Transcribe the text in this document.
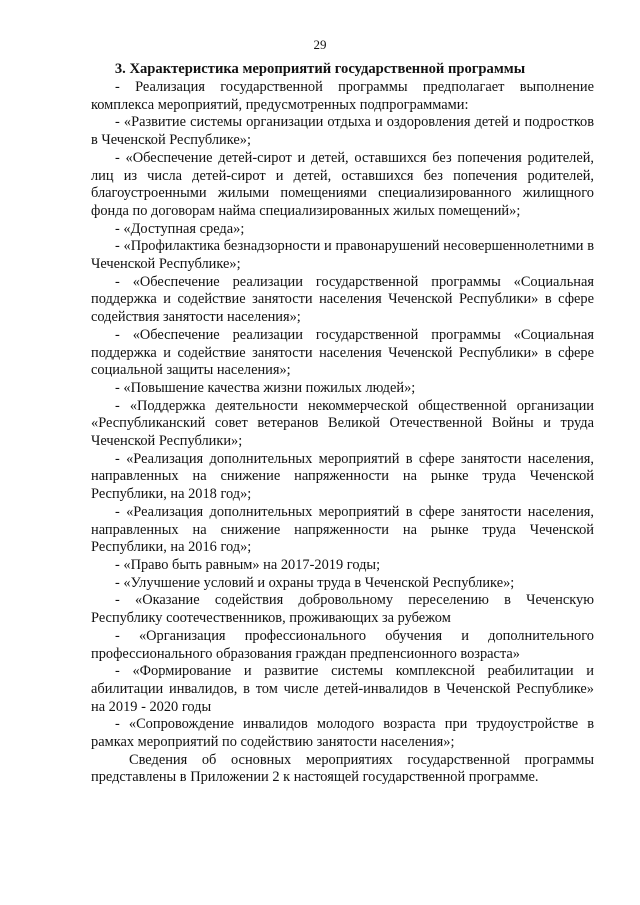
29
3. Характеристика мероприятий государственной программы

- Реализация государственной программы предполагает выполнение комплекса мероприятий, предусмотренных подпрограммами:

- «Развитие системы организации отдыха и оздоровления детей и подростков в Чеченской Республике»;

- «Обеспечение детей-сирот и детей, оставшихся без попечения родителей, лиц из числа детей-сирот и детей, оставшихся без попечения родителей, благоустроенными жилыми помещениями специализированного жилищного фонда по договорам найма специализированных жилых помещений»;

- «Доступная среда»;

- «Профилактика безнадзорности и правонарушений несовершеннолетними в Чеченской Республике»;

- «Обеспечение реализации государственной программы «Социальная поддержка и содействие занятости населения Чеченской Республики» в сфере содействия занятости населения»;

- «Обеспечение реализации государственной программы «Социальная поддержка и содействие занятости населения Чеченской Республики» в сфере социальной защиты населения»;

- «Повышение качества жизни пожилых людей»;

- «Поддержка деятельности некоммерческой общественной организации «Республиканский совет ветеранов Великой Отечественной Войны и труда Чеченской Республики»;

- «Реализация дополнительных мероприятий в сфере занятости населения, направленных на снижение напряженности на рынке труда Чеченской Республики, на 2018 год»;

- «Реализация дополнительных мероприятий в сфере занятости населения, направленных на снижение напряженности на рынке труда Чеченской Республики, на 2016 год»;

- «Право быть равным» на 2017-2019 годы;

- «Улучшение условий и охраны труда в Чеченской Республике»;

- «Оказание содействия добровольному переселению в Чеченскую Республику соотечественников, проживающих за рубежом

- «Организация профессионального обучения и дополнительного профессионального образования граждан предпенсионного возраста»

- «Формирование и развитие системы комплексной реабилитации и абилитации инвалидов, в том числе детей-инвалидов в Чеченской Республике» на 2019 - 2020 годы

- «Сопровождение инвалидов молодого возраста при трудоустройстве в рамках мероприятий по содействию занятости населения»;

Сведения об основных мероприятиях государственной программы представлены в Приложении 2 к настоящей государственной программе.
